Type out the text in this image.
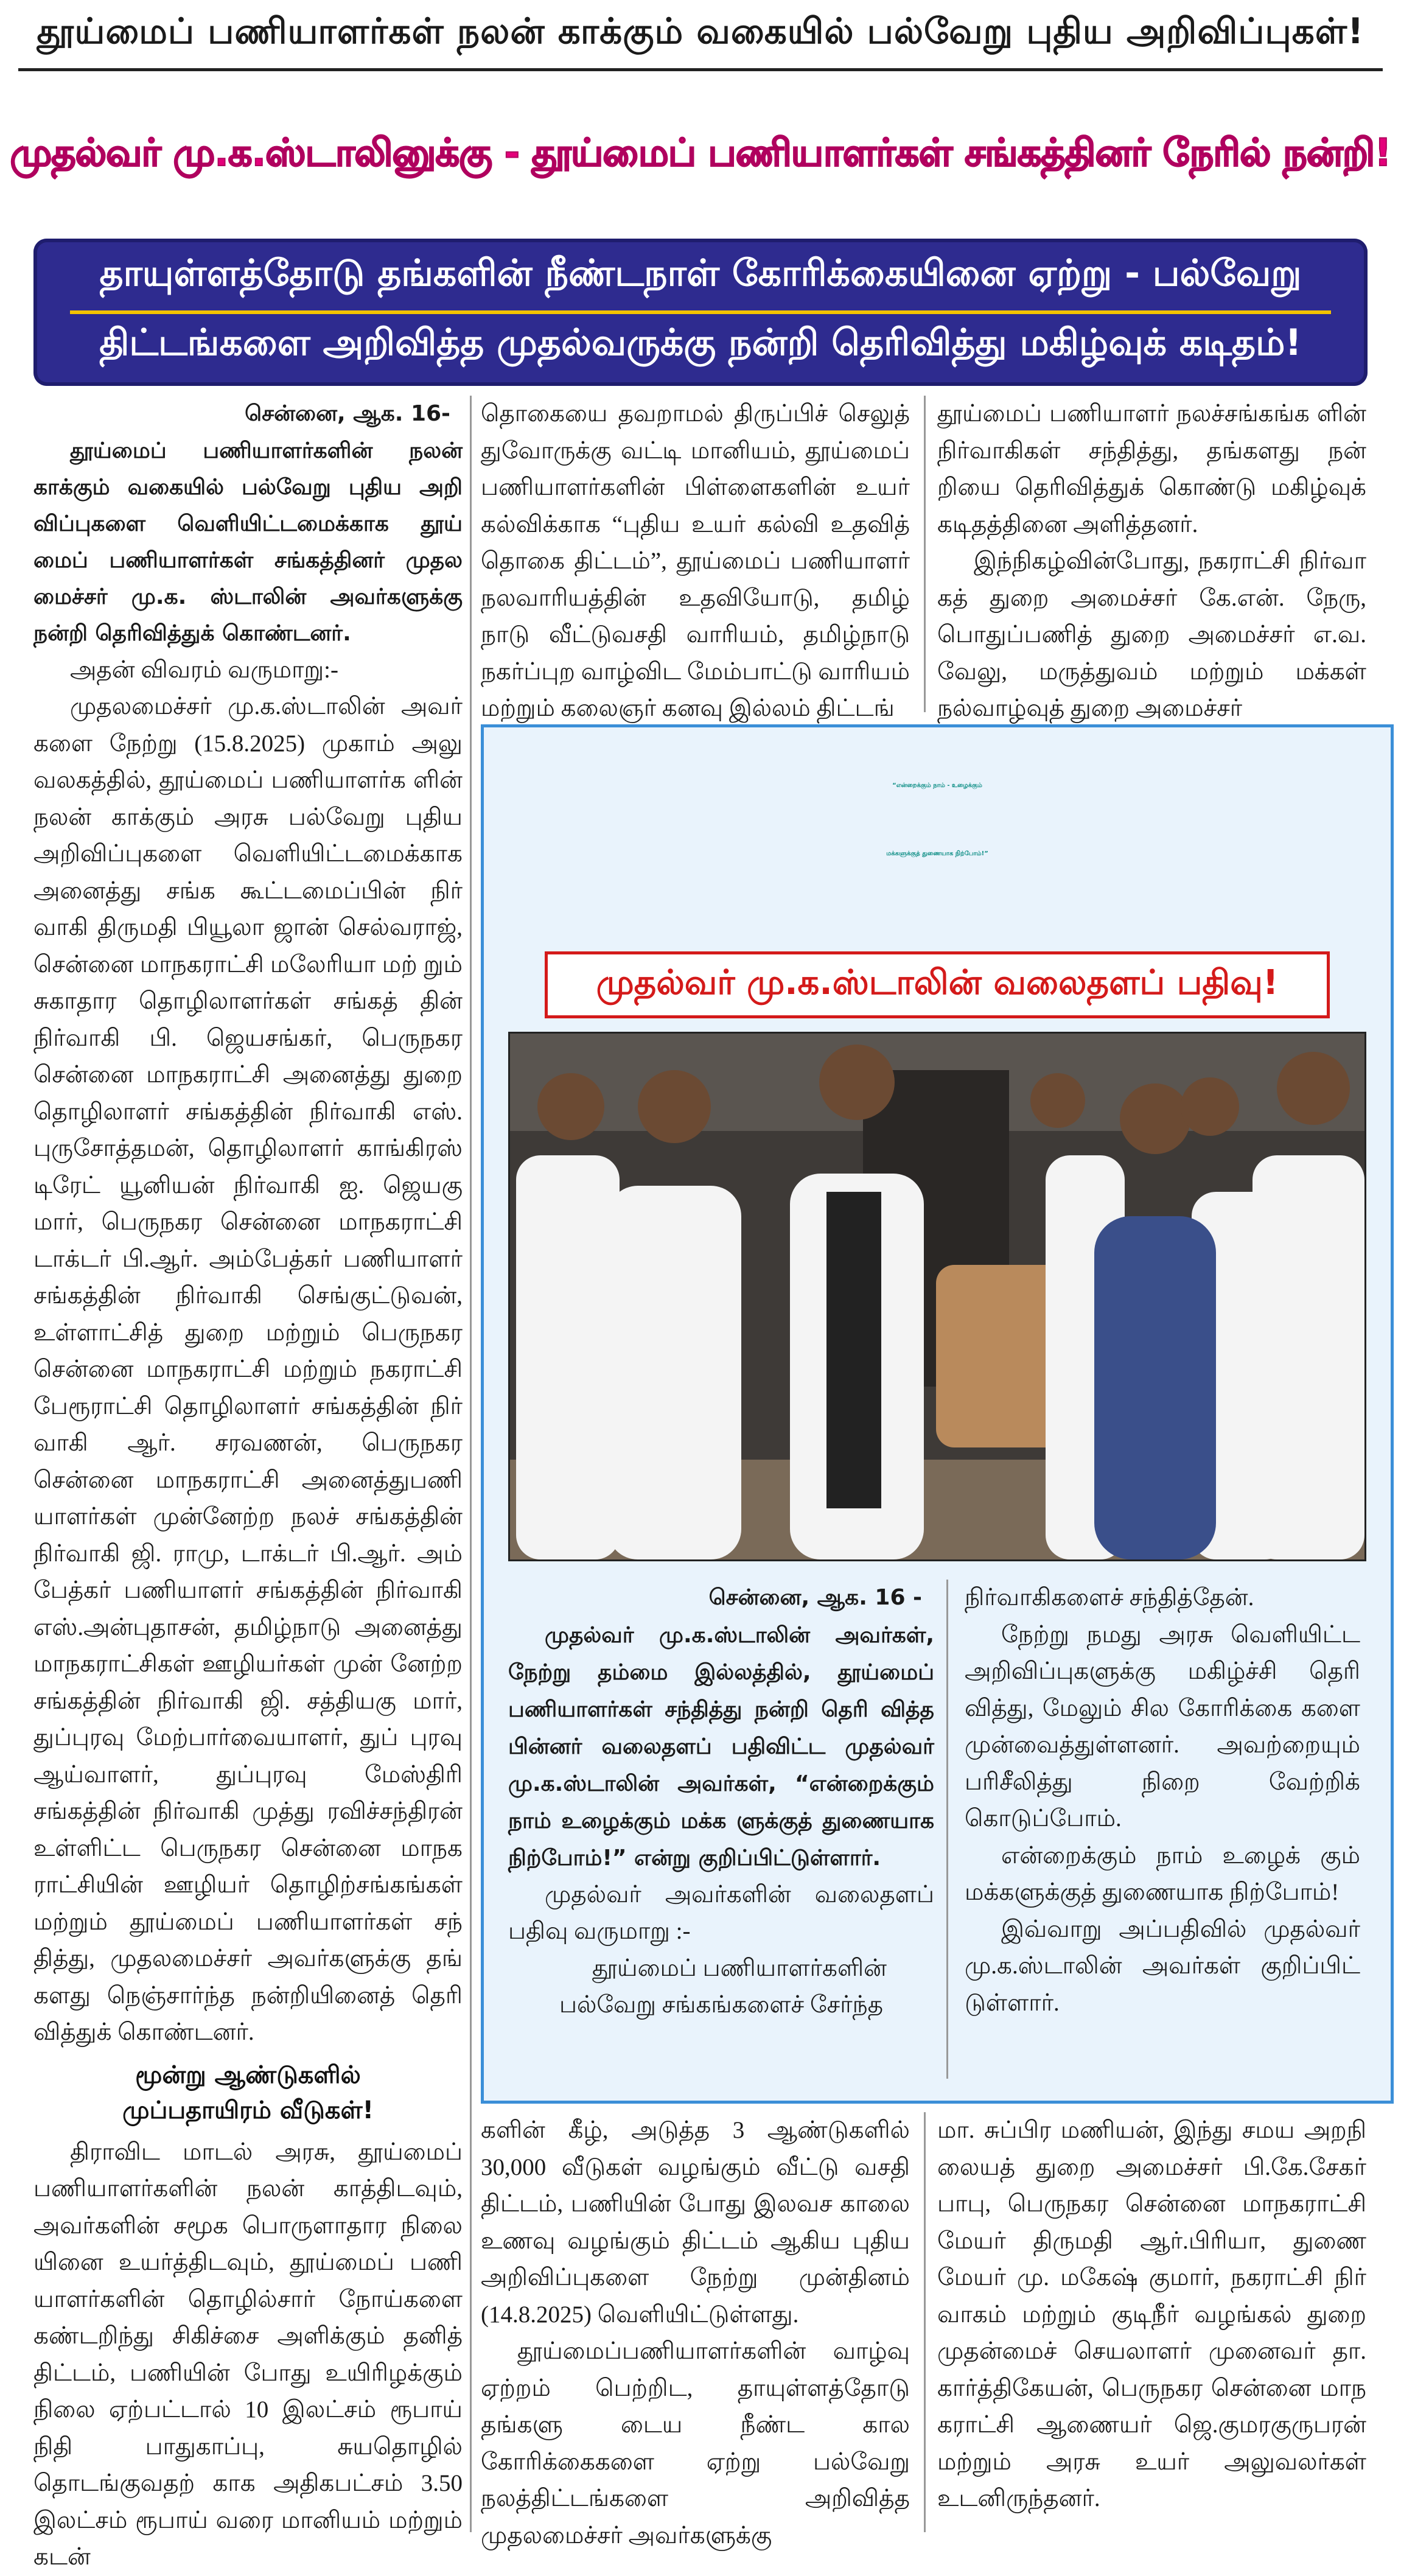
தூய்மைப் பணியாளர்கள் நலன் காக்கும் வகையில் பல்வேறு புதிய அறிவிப்புகள்!
முதல்வர் மு.க.ஸ்டாலினுக்கு - தூய்மைப் பணியாளர்கள் சங்கத்தினர் நேரில் நன்றி!
தாயுள்ளத்தோடு தங்களின் நீண்டநாள் கோரிக்கையினை ஏற்று - பல்வேறு
திட்டங்களை அறிவித்த முதல்வருக்கு நன்றி தெரிவித்து மகிழ்வுக் கடிதம்!

சென்னை, ஆக. 16-

தூய்மைப் பணியாளர்களின் நலன் காக்கும் வகையில் பல்வேறு புதிய அறி விப்புகளை வெளியிட்டமைக்காக தூய் மைப் பணியாளர்கள் சங்கத்தினர் முதல மைச்சர் மு.க. ஸ்டாலின் அவர்களுக்கு நன்றி தெரிவித்துக் கொண்டனர்.

அதன் விவரம் வருமாறு:-

முதலமைச்சர் மு.க.ஸ்டாலின் அவர் களை நேற்று (15.8.2025) முகாம் அலு வலகத்தில், தூய்மைப் பணியாளர்க ளின் நலன் காக்கும் அரசு பல்வேறு புதிய அறிவிப்புகளை வெளியிட்டமைக்காக அனைத்து சங்க கூட்டமைப்பின் நிர் வாகி திருமதி பியூலா ஜான் செல்வராஜ், சென்னை மாநகராட்சி மலேரியா மற் றும் சுகாதார தொழிலாளர்கள் சங்கத் தின் நிர்வாகி பி. ஜெயசங்கர், பெருநகர சென்னை மாநகராட்சி அனைத்து துறை தொழிலாளர் சங்கத்தின் நிர்வாகி எஸ். புருசோத்தமன், தொழிலாளர் காங்கிரஸ் டிரேட் யூனியன் நிர்வாகி ஐ. ஜெயகு மார், பெருநகர சென்னை மாநகராட்சி டாக்டர் பி.ஆர். அம்பேத்கர் பணியாளர் சங்கத்தின் நிர்வாகி செங்குட்டுவன், உள்ளாட்சித் துறை மற்றும் பெருநகர சென்னை மாநகராட்சி மற்றும் நகராட்சி பேரூராட்சி தொழிலாளர் சங்கத்தின் நிர் வாகி ஆர். சரவணன், பெருநகர சென்னை மாநகராட்சி அனைத்துபணி யாளர்கள் முன்னேற்ற நலச் சங்கத்தின் நிர்வாகி ஜி. ராமு, டாக்டர் பி.ஆர். அம் பேத்கர் பணியாளர் சங்கத்தின் நிர்வாகி எஸ்.அன்புதாசன், தமிழ்நாடு அனைத்து மாநகராட்சிகள் ஊழியர்கள் முன் னேற்ற சங்கத்தின் நிர்வாகி ஜி. சத்தியகு மார், துப்புரவு மேற்பார்வையாளர், துப் புரவு ஆய்வாளர், துப்புரவு மேஸ்திரி சங்கத்தின் நிர்வாகி முத்து ரவிச்சந்திரன் உள்ளிட்ட பெருநகர சென்னை மாநக ராட்சியின் ஊழியர் தொழிற்சங்கங்கள் மற்றும் தூய்மைப் பணியாளர்கள் சந் தித்து, முதலமைச்சர் அவர்களுக்கு தங் களது நெஞ்சார்ந்த நன்றியினைத் தெரி வித்துக் கொண்டனர்.

மூன்று ஆண்டுகளில்
முப்பதாயிரம் வீடுகள்!

திராவிட மாடல் அரசு, தூய்மைப் பணியாளர்களின் நலன் காத்திடவும், அவர்களின் சமூக பொருளாதார நிலை யினை உயர்த்திடவும், தூய்மைப் பணி யாளர்களின் தொழில்சார் நோய்களை கண்டறிந்து சிகிச்சை அளிக்கும் தனித் திட்டம், பணியின் போது உயிரிழக்கும் நிலை ஏற்பட்டால் 10 இலட்சம் ரூபாய் நிதி பாதுகாப்பு, சுயதொழில் தொடங்குவதற் காக அதிகபட்சம் 3.50 இலட்சம் ரூபாய் வரை மானியம் மற்றும் கடன்

தொகையை தவறாமல் திருப்பிச் செலுத் துவோருக்கு வட்டி மானியம், தூய்மைப் பணியாளர்களின் பிள்ளைகளின் உயர் கல்விக்காக “புதிய உயர் கல்வி உதவித் தொகை திட்டம்”, தூய்மைப் பணியாளர் நலவாரியத்தின் உதவியோடு, தமிழ் நாடு வீட்டுவசதி வாரியம், தமிழ்நாடு நகர்ப்புற வாழ்விட மேம்பாட்டு வாரியம் மற்றும் கலைஞர் கனவு இல்லம் திட்டங்

தூய்மைப் பணியாளர் நலச்சங்கங்க ளின் நிர்வாகிகள் சந்தித்து, தங்களது நன் றியை தெரிவித்துக் கொண்டு மகிழ்வுக் கடிதத்தினை அளித்தனர்.

இந்நிகழ்வின்போது, நகராட்சி நிர்வா கத் துறை அமைச்சர் கே.என். நேரு, பொதுப்பணித் துறை அமைச்சர் எ.வ. வேலு, மருத்துவம் மற்றும் மக்கள் நல்வாழ்வுத் துறை அமைச்சர்

“என்றைக்கும் நாம் - உழைக்கும்
மக்களுக்குத் துணையாக நிற்போம்!”
முதல்வர் மு.க.ஸ்டாலின் வலைதளப் பதிவு!

சென்னை, ஆக. 16 -

முதல்வர் மு.க.ஸ்டாலின் அவர்கள், நேற்று தம்மை இல்லத்தில், தூய்மைப் பணியாளர்கள் சந்தித்து நன்றி தெரி வித்த பின்னர் வலைதளப் பதிவிட்ட முதல்வர் மு.க.ஸ்டாலின் அவர்கள், “என்றைக்கும் நாம் உழைக்கும் மக்க ளுக்குத் துணையாக நிற்போம்!” என்று குறிப்பிட்டுள்ளார்.

முதல்வர் அவர்களின் வலைதளப் பதிவு வருமாறு :-

தூய்மைப் பணியாளர்களின் பல்வேறு சங்கங்களைச் சேர்ந்த

நிர்வாகிகளைச் சந்தித்தேன்.

நேற்று நமது அரசு வெளியிட்ட அறிவிப்புகளுக்கு மகிழ்ச்சி தெரி வித்து, மேலும் சில கோரிக்கை களை முன்வைத்துள்ளனர். அவற்றையும் பரிசீலித்து நிறை வேற்றிக் கொடுப்போம்.

என்றைக்கும் நாம் உழைக் கும் மக்களுக்குத் துணையாக நிற்போம்!

இவ்வாறு அப்பதிவில் முதல்வர் மு.க.ஸ்டாலின் அவர்கள் குறிப்பிட் டுள்ளார்.

களின் கீழ், அடுத்த 3 ஆண்டுகளில் 30,000 வீடுகள் வழங்கும் வீட்டு வசதி திட்டம், பணியின் போது இலவச காலை உணவு வழங்கும் திட்டம் ஆகிய புதிய அறிவிப்புகளை நேற்று முன்தினம் (14.8.2025) வெளியிட்டுள்ளது.

தூய்மைப்பணியாளர்களின் வாழ்வு ஏற்றம் பெற்றிட, தாயுள்ளத்தோடு தங்களு டைய நீண்ட கால கோரிக்கைகளை ஏற்று பல்வேறு நலத்திட்டங்களை அறிவித்த முதலமைச்சர் அவர்களுக்கு

மா. சுப்பிர மணியன், இந்து சமய அறநி லையத் துறை அமைச்சர் பி.கே.சேகர் பாபு, பெருநகர சென்னை மாநகராட்சி மேயர் திருமதி ஆர்.பிரியா, துணை மேயர் மு. மகேஷ் குமார், நகராட்சி நிர் வாகம் மற்றும் குடிநீர் வழங்கல் துறை முதன்மைச் செயலாளர் முனைவர் தா. கார்த்திகேயன், பெருநகர சென்னை மாந கராட்சி ஆணையர் ஜெ.குமரகுருபரன் மற்றும் அரசு உயர் அலுவலர்கள் உடனிருந்தனர்.
